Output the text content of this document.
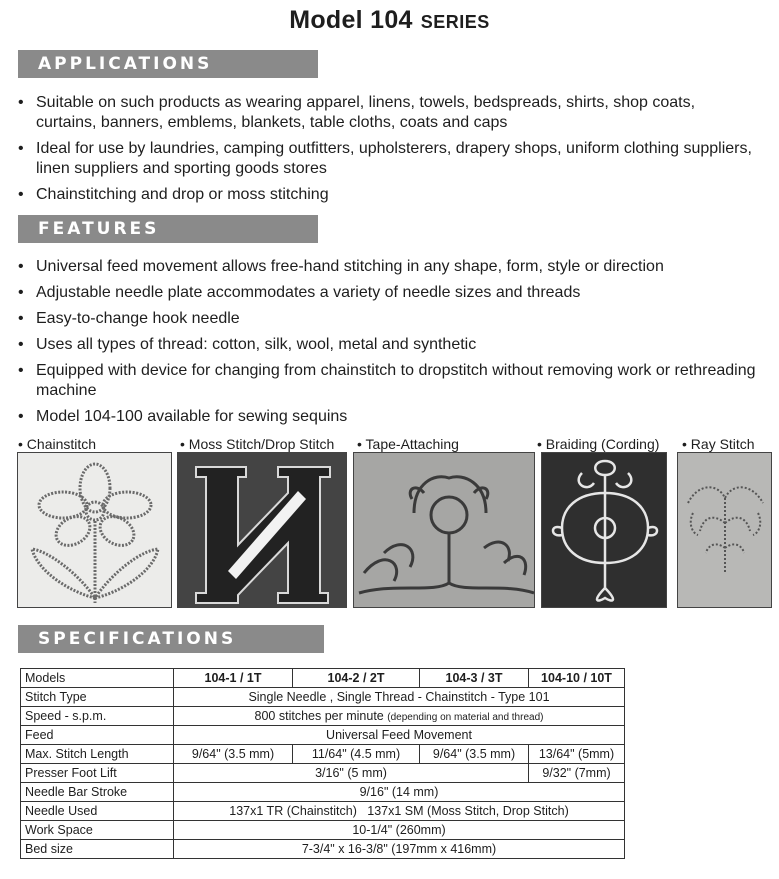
Model 104 SERIES
APPLICATIONS
• Suitable on such products as wearing apparel, linens, towels, bedspreads, shirts, shop coats, curtains, banners, emblems, blankets, table cloths, coats and caps
• Ideal for use by laundries, camping outfitters, upholsterers, drapery shops, uniform clothing suppliers, linen suppliers and sporting goods stores
• Chainstitching and drop or moss stitching
FEATURES
• Universal feed movement allows free-hand stitching in any shape, form, style or direction
• Adjustable needle plate accommodates a variety of needle sizes and threads
• Easy-to-change hook needle
• Uses all types of thread: cotton, silk, wool, metal and synthetic
• Equipped with device for changing from chainstitch to dropstitch without removing work or rethreading machine
• Model 104-100 available for sewing sequins
• Chainstitch	• Moss Stitch/Drop Stitch • Tape-Attaching	• Braiding (Cording) • Ray Stitch
SPECIFICATIONS
Models	104-1 / 1T	104-2 / 2T	104-3 / 3T	104-10 / 10T
Stitch Type	Single Needle , Single Thread - Chainstitch - Type 101			
Speed - s.p.m.	800 stitches per minute (depending on material and thread)			
Feed	Universal Feed Movement			
Max. Stitch Length	9/64" (3.5 mm)	11/64" (4.5 mm)	9/64" (3.5 mm)	13/64" (5mm)
Presser Foot Lift	3/16" (5 mm)			9/32" (7mm)
Needle Bar Stroke	9/16" (14 mm)			
Needle Used	137x1 TR (Chainstitch) 137x1 SM (Moss Stitch, Drop Stitch)			
Work Space	10-1/4" (260mm)			
Bed size	7-3/4" x 16-3/8" (197mm x 416mm)			
